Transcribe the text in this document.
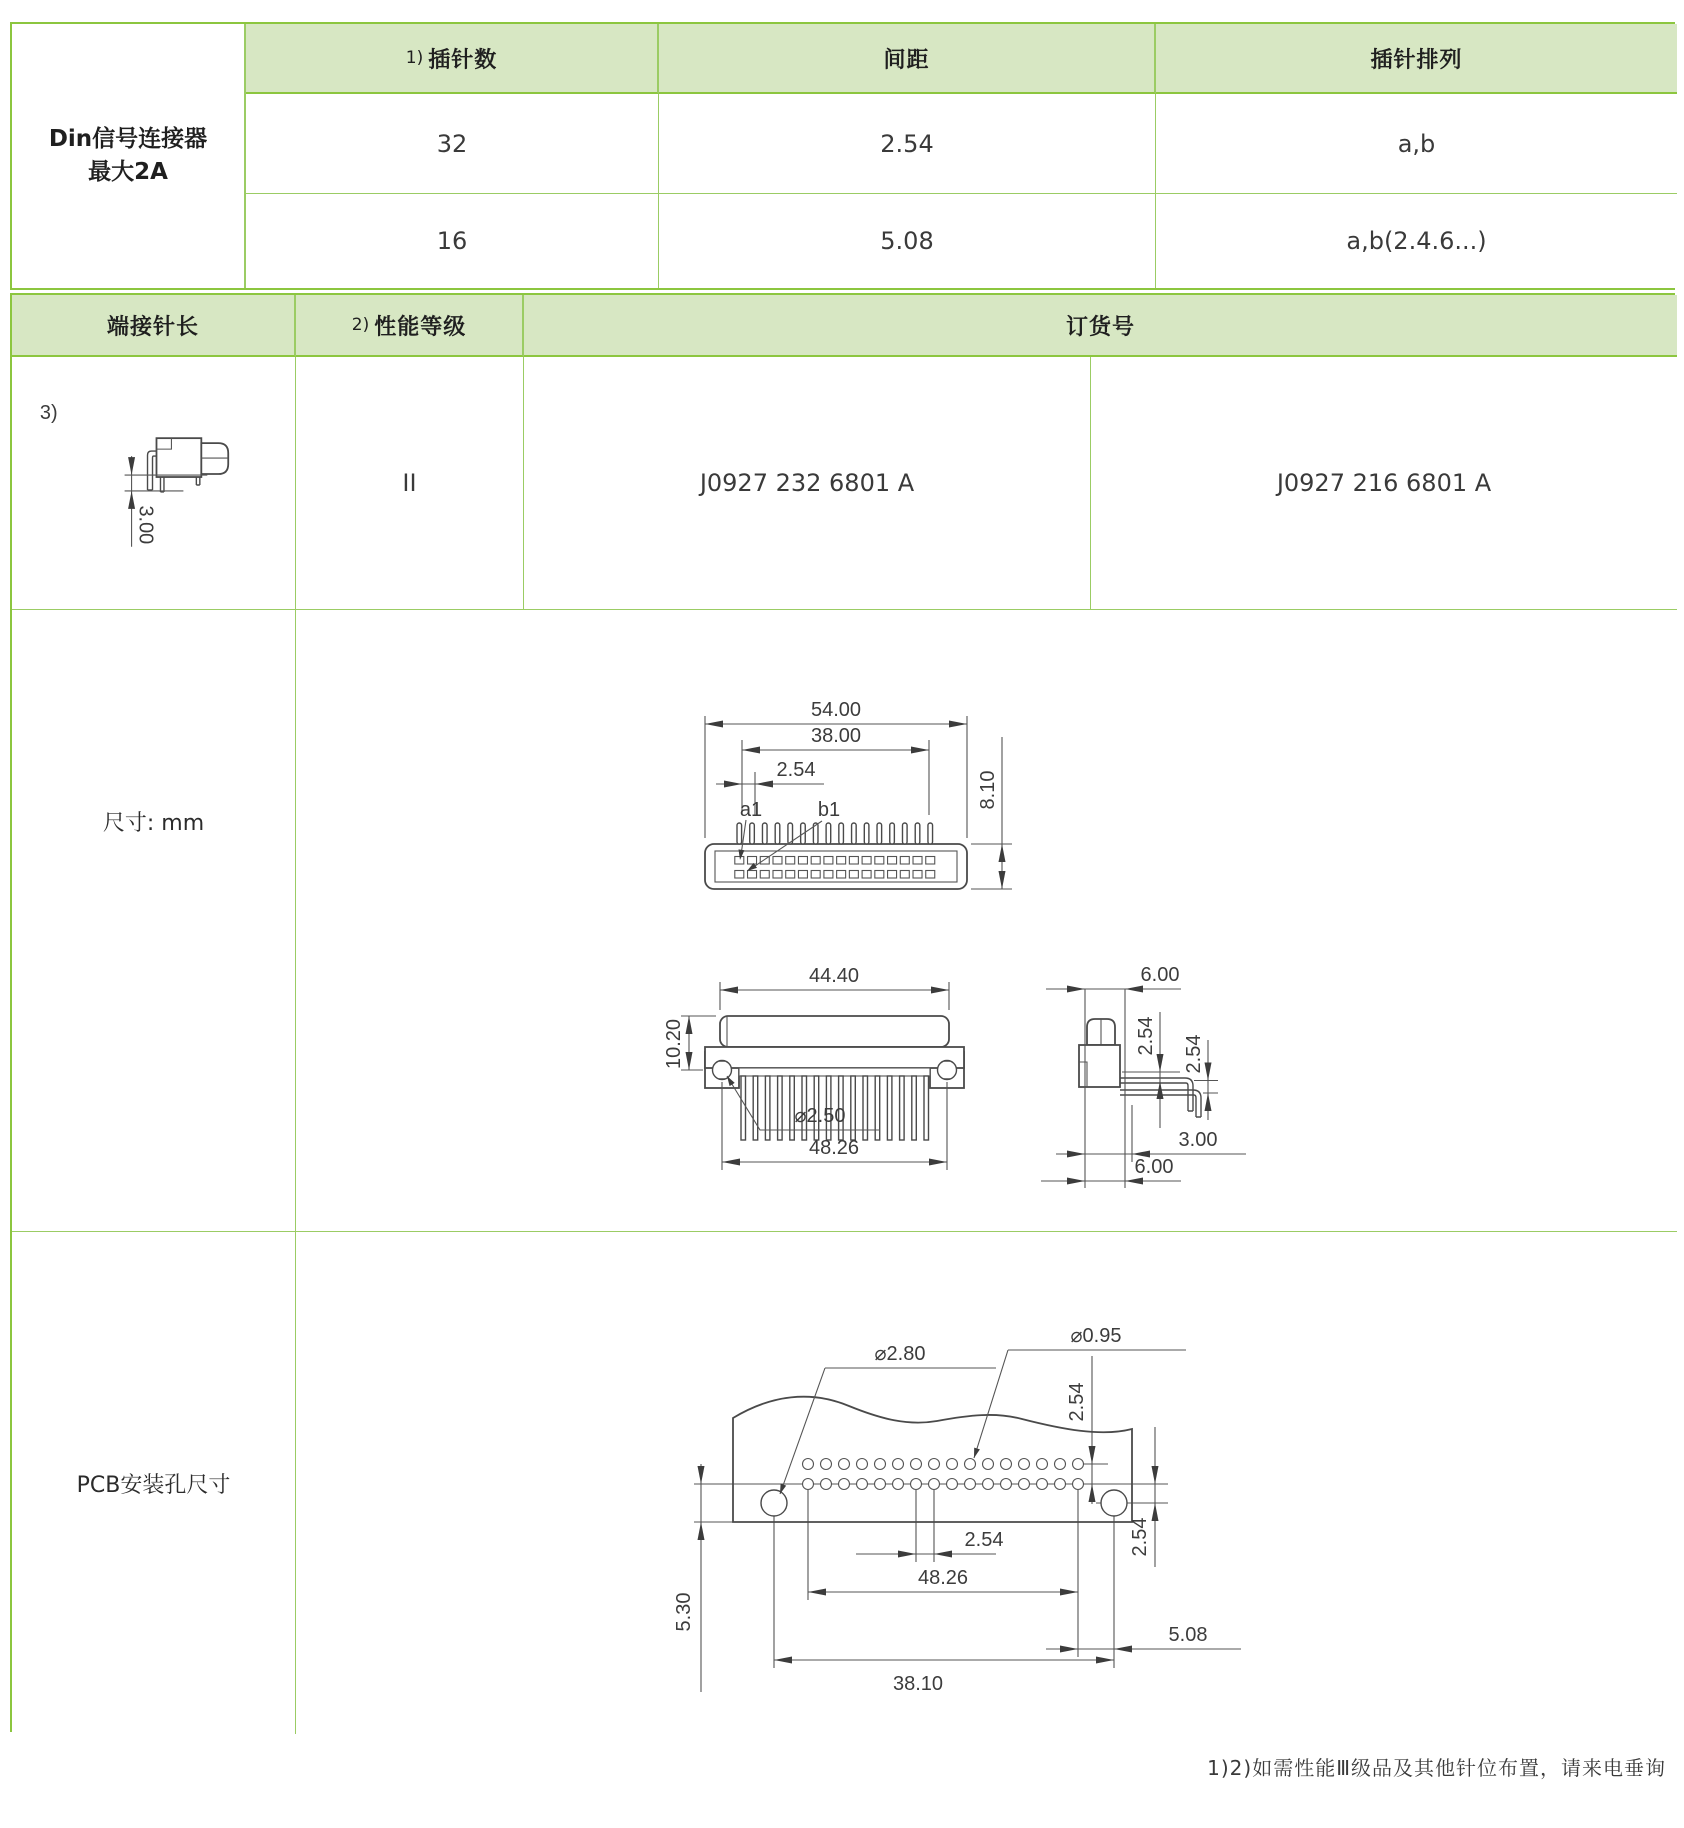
Din信号连接器
最大2A
1) 插针数	间距	插针排列
32	2.54	a,b
16	5.08	a,b(2.4.6...)
端接针长	2) 性能等级	订货号
3)
3.00
II	J0927 232 6801 A	J0927 216 6801 A
尺寸: mm
54.00
38.00
2.54
a1	b1
8.10
44.40
10.20
⌀2.50
48.26
6.00
2.54 2.54
3.00
6.00
PCB安装孔尺寸
⌀2.80
⌀0.95
2.54
2.54
2.54
48.26
5.30
38.10
5.08
1)2)如需性能Ⅲ级品及其他针位布置，请来电垂询
